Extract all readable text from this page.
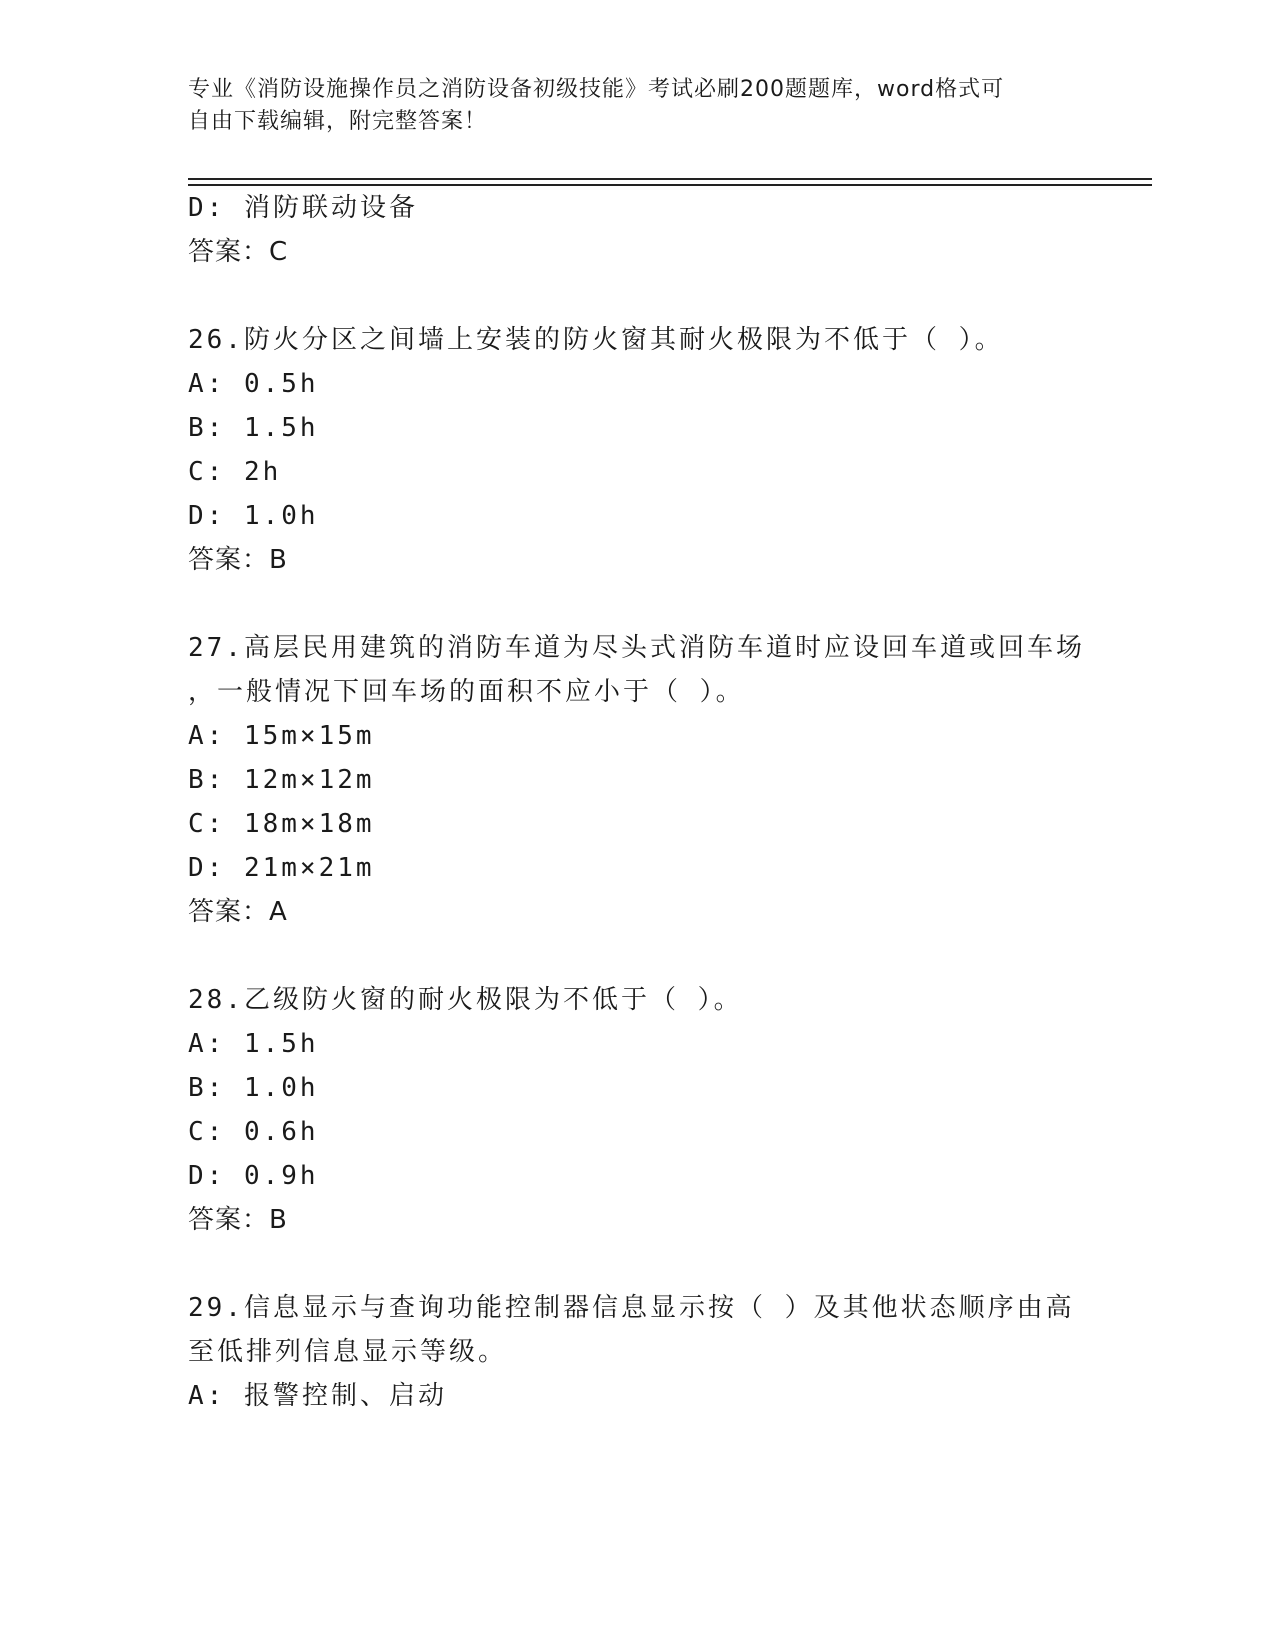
专业《消防设施操作员之消防设备初级技能》考试必刷200题题库，word格式可
自由下载编辑，附完整答案！
D: 消防联动设备
答案：C
26.防火分区之间墙上安装的防火窗其耐火极限为不低于（ ）。
A: 0.5h
B: 1.5h
C: 2h
D: 1.0h
答案：B
27.高层民用建筑的消防车道为尽头式消防车道时应设回车道或回车场
，一般情况下回车场的面积不应小于（ ）。
A: 15m×15m
B: 12m×12m
C: 18m×18m
D: 21m×21m
答案：A
28.乙级防火窗的耐火极限为不低于（ ）。
A: 1.5h
B: 1.0h
C: 0.6h
D: 0.9h
答案：B
29.信息显示与查询功能控制器信息显示按（ ）及其他状态顺序由高
至低排列信息显示等级。
A: 报警控制、启动
